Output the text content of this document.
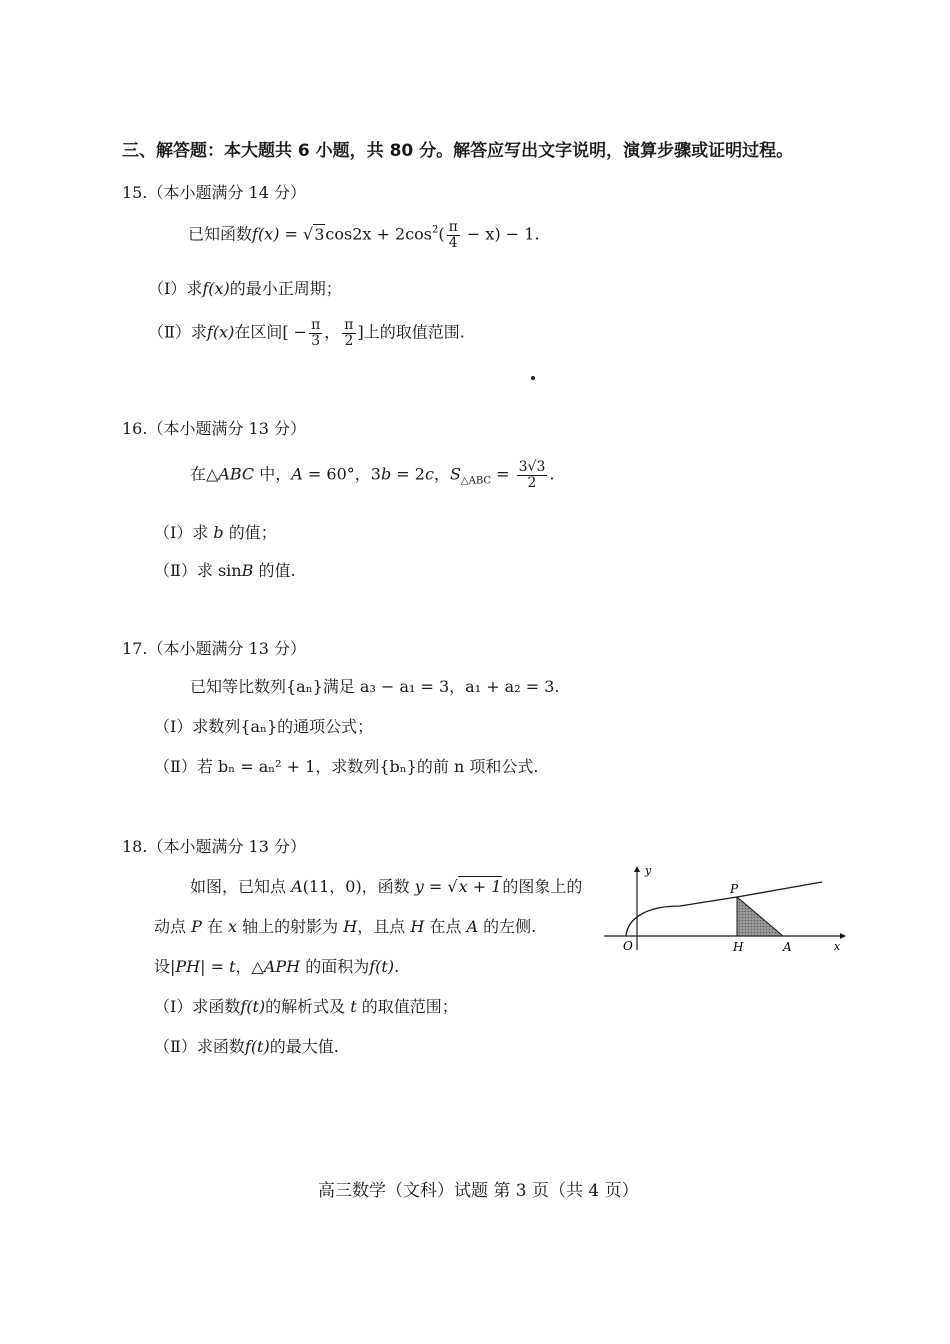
三、解答题：本大题共 6 小题，共 80 分。解答应写出文字说明，演算步骤或证明过程。
15.（本小题满分 14 分）
已知函数$f(x) = √3\cos 2x + 2\cos^2( \frac{\pi}{4} - x) - 1$.
（Ⅰ）求f(x)的最小正周期；
（Ⅱ）求f(x)在区间[ − $\frac{\pi}{3}$ ， $\frac{\pi}{2}$ ]上的取值范围.
16.（本小题满分 13 分）
在△ABC 中，A = 60°，3b = 2c，$S_{\triangle ABC} = \frac{3√3}{2}$ .
（Ⅰ）求 b 的值；
（Ⅱ）求 sinB 的值.
17.（本小题满分 13 分）
已知等比数列{aₙ}满足 a₃ − a₁ = 3，a₁ + a₂ = 3.
（Ⅰ）求数列{aₙ}的通项公式；
（Ⅱ）若 bₙ = aₙ² + 1，求数列{bₙ}的前 n 项和公式.
18.（本小题满分 13 分）
如图，已知点 A(11，0)，函数 y = √x + 1的图象上的
动点 P 在 x 轴上的射影为 H，且点 H 在点 A 的左侧.
设|PH| = t，△APH 的面积为f(t).
（Ⅰ）求函数f(t)的解析式及 t 的取值范围；
（Ⅱ）求函数f(t)的最大值.
y
x
O
P
H	A
高三数学（文科）试题 第 3 页（共 4 页）
